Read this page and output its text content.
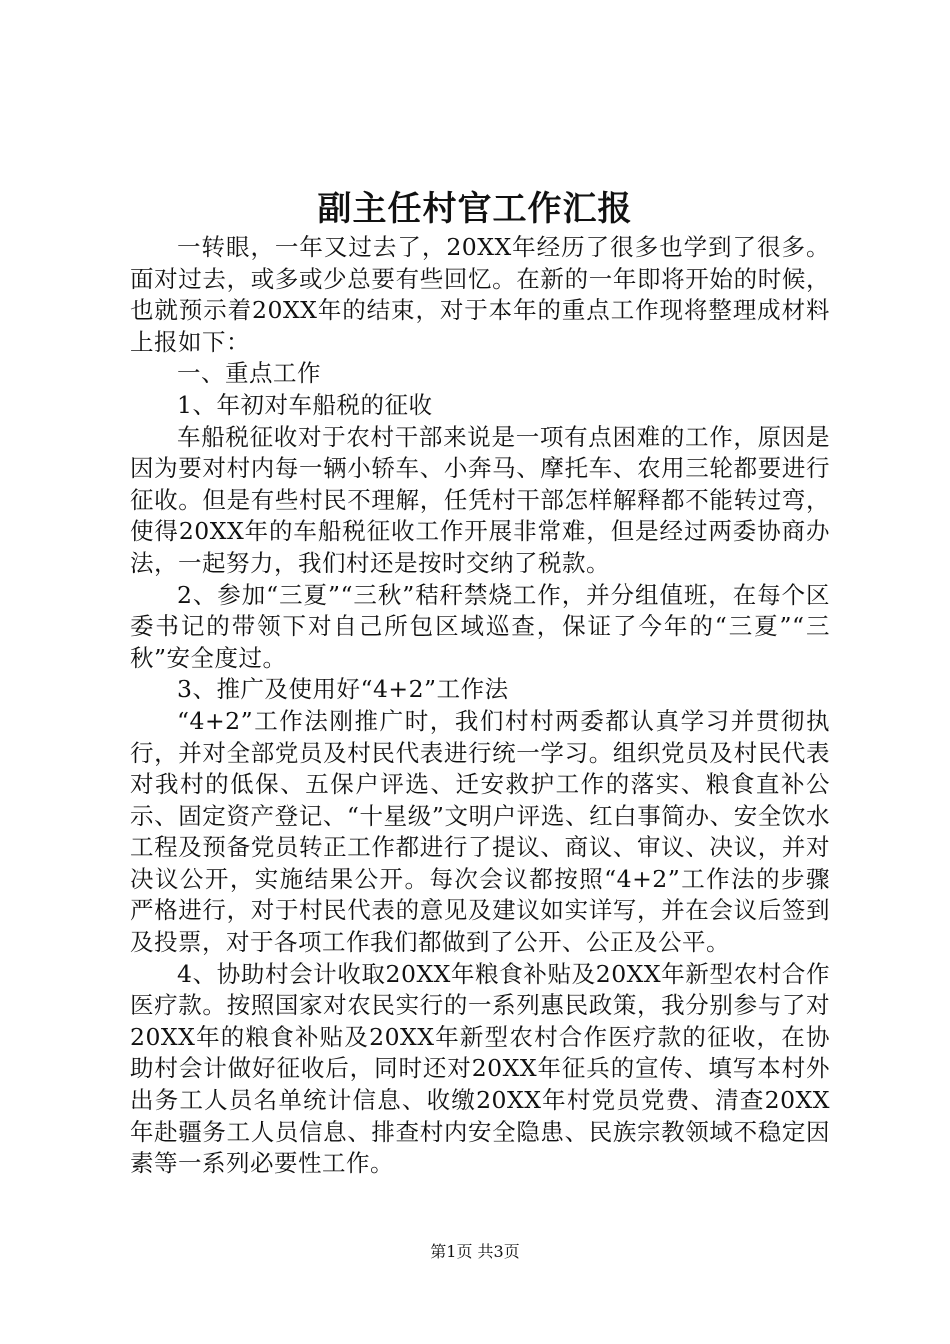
副主任村官工作汇报

一转眼，一年又过去了，20XX年经历了很多也学到了很多。面对过去，或多或少总要有些回忆。在新的一年即将开始的时候，也就预示着20XX年的结束，对于本年的重点工作现将整理成材料上报如下：

一、重点工作

1、年初对车船税的征收

车船税征收对于农村干部来说是一项有点困难的工作，原因是因为要对村内每一辆小轿车、小奔马、摩托车、农用三轮都要进行征收。但是有些村民不理解，任凭村干部怎样解释都不能转过弯，使得20XX年的车船税征收工作开展非常难，但是经过两委协商办法，一起努力，我们村还是按时交纳了税款。

2、参加“三夏”“三秋”秸秆禁烧工作，并分组值班，在每个区委书记的带领下对自己所包区域巡查，保证了今年的“三夏”“三秋”安全度过。

3、推广及使用好“4+2”工作法

“4+2”工作法刚推广时，我们村村两委都认真学习并贯彻执行，并对全部党员及村民代表进行统一学习。组织党员及村民代表对我村的低保、五保户评选、迁安救护工作的落实、粮食直补公示、固定资产登记、“十星级”文明户评选、红白事简办、安全饮水工程及预备党员转正工作都进行了提议、商议、审议、决议，并对决议公开，实施结果公开。每次会议都按照“4+2”工作法的步骤严格进行，对于村民代表的意见及建议如实详写，并在会议后签到及投票，对于各项工作我们都做到了公开、公正及公平。

4、协助村会计收取20XX年粮食补贴及20XX年新型农村合作医疗款。按照国家对农民实行的一系列惠民政策，我分别参与了对20XX年的粮食补贴及20XX年新型农村合作医疗款的征收，在协助村会计做好征收后，同时还对20XX年征兵的宣传、填写本村外出务工人员名单统计信息、收缴20XX年村党员党费、清查20XX年赴疆务工人员信息、排查村内安全隐患、民族宗教领域不稳定因素等一系列必要性工作。

第1页 共3页
